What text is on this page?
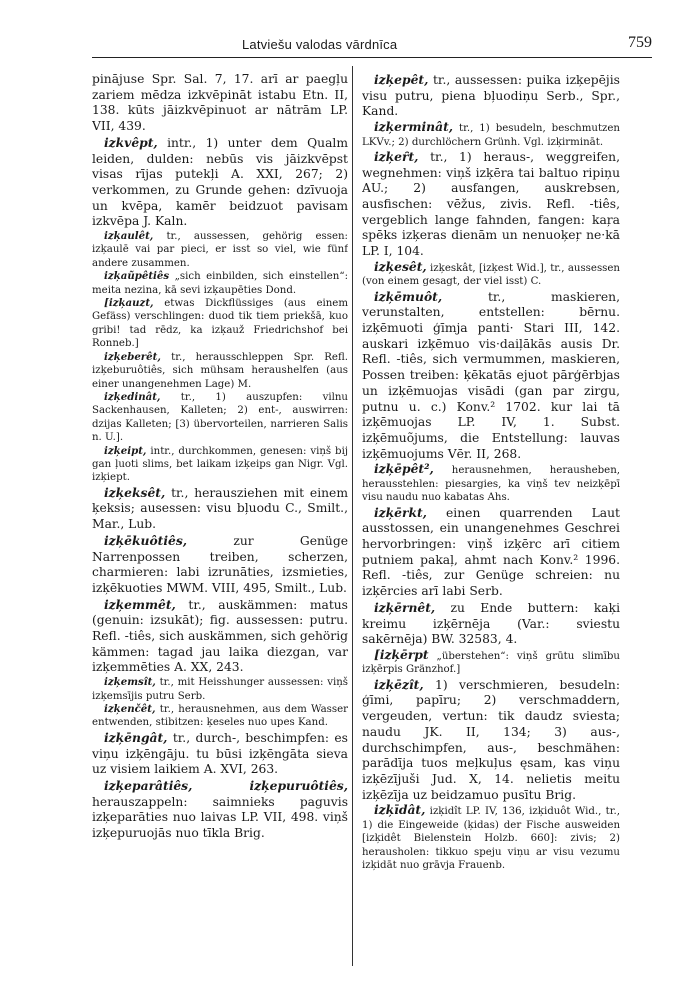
Latviešu valodas vārdnīca	759

pinājuse Spr. Sal. 7, 17. arī ar paegļu zariem mēdza izkvēpināt istabu Etn. II, 138. kūts jāizkvēpinuot ar nātrām LP. VII, 439.

izkvêpt, intr., 1) unter dem Qualm leiden, dulden: nebūs vis jāizkvēpst visas rījas putekļi A. XXI, 267; 2) verkommen, zu Grunde gehen: dzīvuoja un kvēpa, kamēr beidzuot pavisam izkvēpa J. Kaln.

izķaulêt, tr., aussessen, gehörig essen: izķaulē vai par pieci, er isst so viel, wie fünf andere zusammen.

izķaũpêtiês „sich einbilden, sich einstellen“: meita nezina, kā sevi izķaupēties Dond.

[izķauzt, etwas Dickflüssiges (aus einem Gefäss) verschlingen: duod tik tiem priekšā, kuo gribi! tad rēdz, ka izķauž Friedrichshof bei Ronneb.]

izķeberêt, tr., herausschleppen Spr. Refl. izķeburuôtiês, sich mühsam heraushelfen (aus einer unangenehmen Lage) M.

izķedinât, tr., 1) auszupfen: vilnu Sackenhausen, Kalleten; 2) ent-, auswirren: dzijas Kalleten; [3) übervorteilen, narrieren Salis n. U.].

izķeipt, intr., durchkommen, genesen: viņš bij gan ļuoti slims, bet laikam izķeips gan Nigr. Vgl. izķiept.

izķeksêt, tr., herausziehen mit einem ķeksis; ausessen: visu bļuodu C., Smilt., Mar., Lub.

izķēkuôtiês, zur Genüge Narrenpossen treiben, scherzen, charmieren: labi izrunāties, izsmieties, izķēkuoties MWM. VIII, 495, Smilt., Lub.

izķemmêt, tr., auskämmen: matus (genuin: izsukāt); fig. aussessen: putru. Refl. -tiês, sich auskämmen, sich gehörig kämmen: tagad jau laika diezgan, var izķemmēties A. XX, 243.

izķemsît, tr., mit Heisshunger aussessen: viņš izķemsījis putru Serb.

izķenčêt, tr., herausnehmen, aus dem Wasser entwenden, stibitzen: ķeseles nuo upes Kand.

izķēngât, tr., durch-, beschimpfen: es viņu izķēngāju. tu būsi izķēngāta sieva uz visiem laikiem A. XVI, 263.

izķeparâtiês, izķepuruôtiês, herauszappeln: saimnieks paguvis izķeparāties nuo laivas LP. VII, 498. viņš izķepuruojās nuo tīkla Brig.

izķepêt, tr., aussessen: puika izķepējis visu putru, piena bļuodiņu Serb., Spr., Kand.

izķerminât, tr., 1) besudeln, beschmutzen LKVv.; 2) durchlöchern Grünh. Vgl. izķirmināt.

izķeȓt, tr., 1) heraus-, weggreifen, wegnehmen: viņš izķēra tai baltuo ripiņu AU.; 2) ausfangen, auskrebsen, ausfischen: vēžus, zivis. Refl. -tiês, vergeblich lange fahnden, fangen: kaŗa spēks izķeras dienām un nenuoķeŗ ne·kā LP. I, 104.

izķesêt, izķeskât, [izķest Wid.], tr., aussessen (von einem gesagt, der viel isst) C.

izķēmuôt, tr., maskieren, verunstalten, entstellen: bērnu. izķēmuoti ģīmja panti· Stari III, 142. auskari izķēmuo vis·daiļākās ausis Dr. Refl. -tiês, sich vermummen, maskieren, Possen treiben: ķēkatās ejuot pārģērbjas un izķēmuojas visādi (gan par zirgu, putnu u. c.) Konv.² 1702. kur lai tā izķēmuojas LP. IV, 1. Subst. izķēmuõjums, die Entstellung: lauvas izķēmuojums Vēr. II, 268.

izķēpêt², herausnehmen, herausheben, herausstehlen: piesargies, ka viņš tev neizķēpī visu naudu nuo kabatas Ahs.

izķērkt, einen quarrenden Laut ausstossen, ein unangenehmes Geschrei hervorbringen: viņš izķērc arī citiem putniem pakaļ, ahmt nach Konv.² 1996. Refl. -tiês, zur Genüge schreien: nu izķērcies arī labi Serb.

izķērnêt, zu Ende buttern: kaķi kreimu izķērnēja (Var.: sviestu sakērnēja) BW. 32583, 4.

[izķērpt „überstehen“: viņš grūtu slimību izķērpis Gränzhof.]

izķēzît, 1) verschmieren, besudeln: ģīmi, papīru; 2) verschmaddern, vergeuden, vertun: tik daudz sviesta; naudu JK. II, 134; 3) aus-, durchschimpfen, aus-, beschmähen: parādīja tuos meļkuļus ęsam, kas viņu izķēzījuši Jud. X, 14. nelietis meitu izķēzīja uz beidzamuo pusītu Brig.

izķīdât, izķidît LP. IV, 136, izķiduôt Wid., tr., 1) die Eingeweide (ķidas) der Fische ausweiden [izķidêt Bielenstein Holzb. 660]: zivis; 2) herausholen: tikkuo speju viņu ar visu vezumu izķidāt nuo grāvja Frauenb.
